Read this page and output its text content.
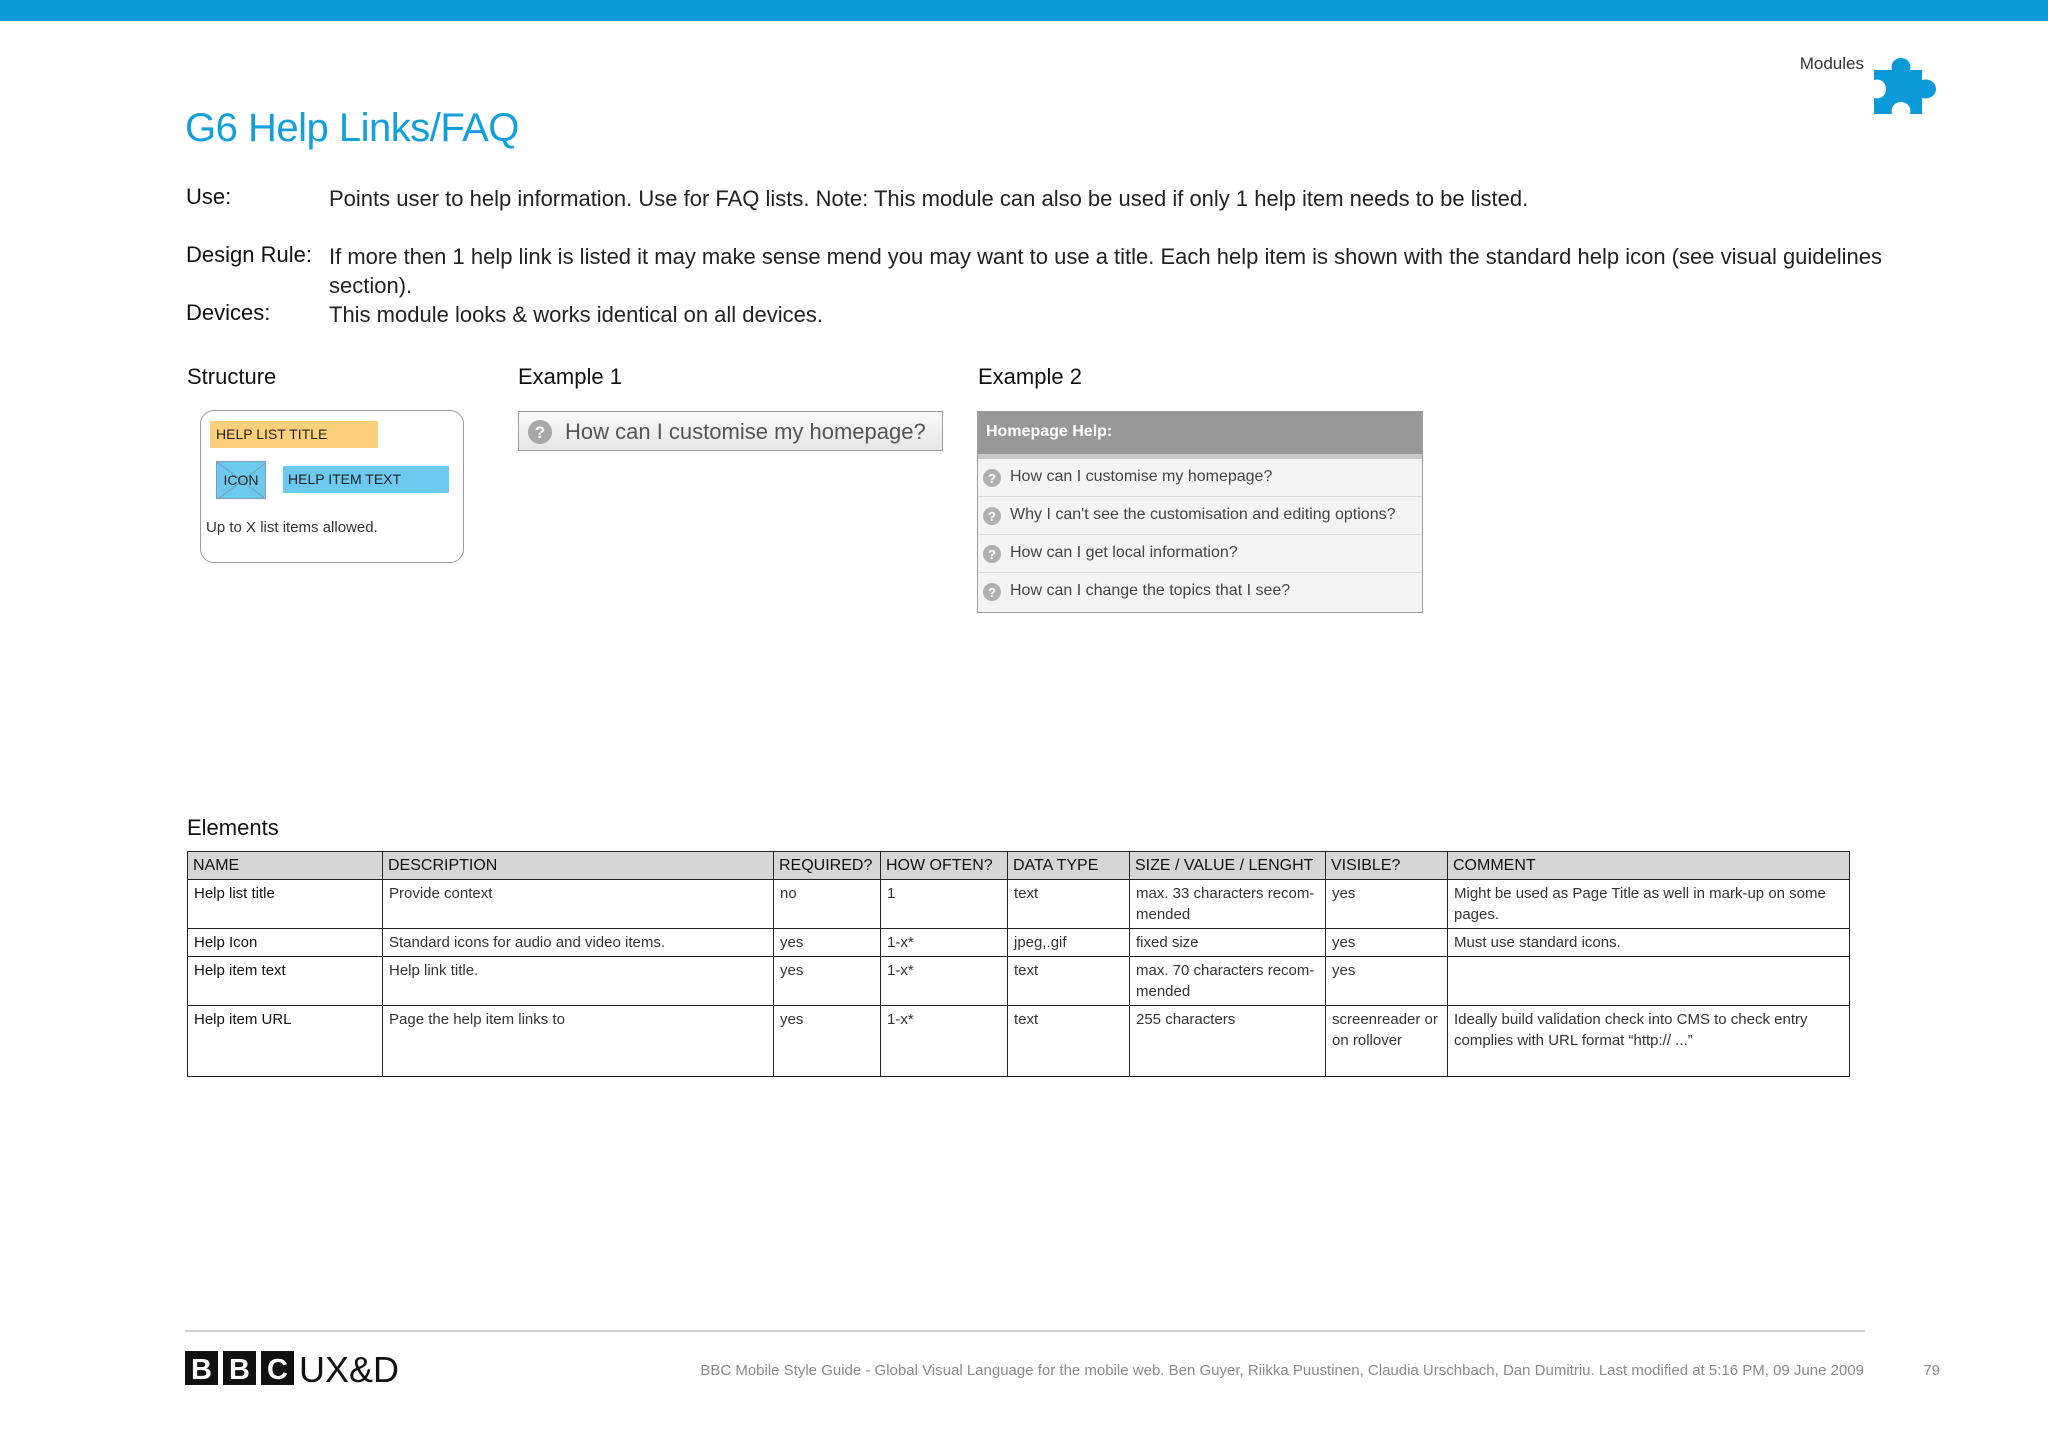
Modules
G6 Help Links/FAQ
Use:	Points user to help information. Use for FAQ lists. Note: This module can also be used if only 1 help item needs to be listed.
Design Rule: If more then 1 help link is listed it may make sense mend you may want to use a title. Each help item is shown with the standard help icon (see visual guidelines
section).
Devices:	This module looks & works identical on all devices.
Structure	Example 1	Example 2
HELP LIST TITLE
ICON	HELP ITEM TEXT
Up to X list items allowed.
? How can I customise my homepage?	Homepage Help:
? How can I customise my homepage?
? Why I can't see the customisation and editing options?
? How can I get local information?
? How can I change the topics that I see?
Elements
NAME	DESCRIPTION	REQUIRED?	HOW OFTEN?	DATA TYPE	SIZE / VALUE / LENGHT	VISIBLE?	COMMENT
Help list title	Provide context	no	1	text	max. 33 characters recom-mended	yes	Might be used as Page Title as well in mark-up on some pages.
Help Icon	Standard icons for audio and video items.	yes	1-x*	jpeg,.gif	fixed size	yes	Must use standard icons.
Help item text	Help link title.	yes	1-x*	text	max. 70 characters recom-mended	yes	
Help item URL	Page the help item links to	yes	1-x*	text	255 characters	screenreader or on rollover	Ideally build validation check into CMS to check entry complies with URL format “http:// ...”
B B C UX&D	BBC Mobile Style Guide - Global Visual Language for the mobile web. Ben Guyer, Riikka Puustinen, Claudia Urschbach, Dan Dumitriu. Last modified at 5:16 PM, 09 June 2009	79
